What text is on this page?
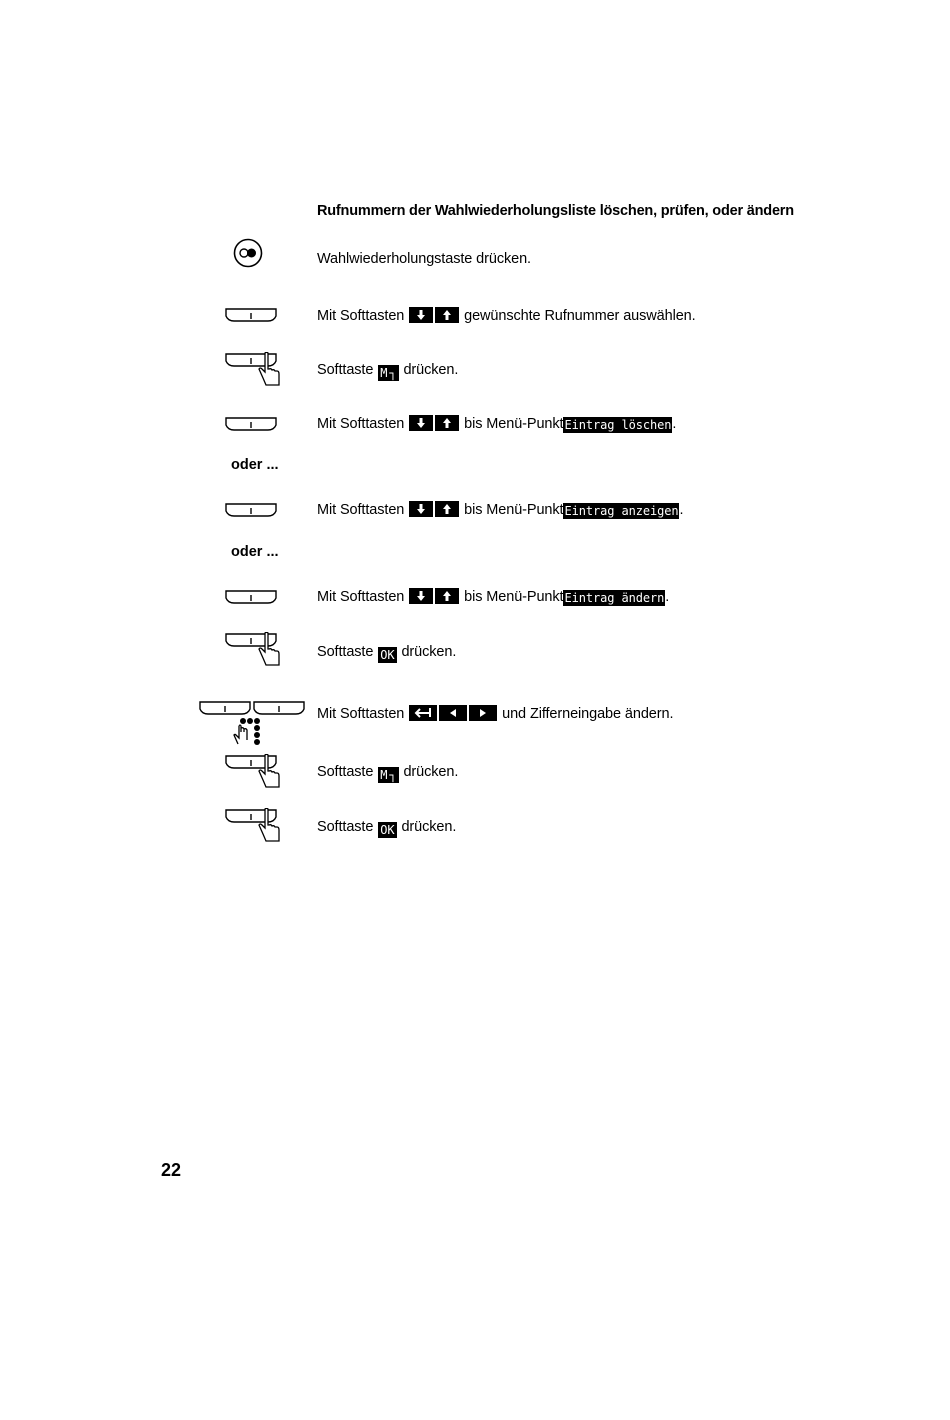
Rufnummern der Wahlwiederholungsliste löschen, prüfen, oder ändern
Wahlwiederholungstaste drücken.
Mit Softtasten	gewünschte Rufnummer auswählen.
Softtaste M ┐ drücken.
Mit Softtasten	bis Menü-PunktEintrag löschen.
oder ...
Mit Softtasten	bis Menü-PunktEintrag anzeigen.
oder ...
Mit Softtasten	bis Menü-PunktEintrag ändern.
Softtaste OK drücken.
Mit Softtasten	und Zifferneingabe ändern.
Softtaste M ┐ drücken.
Softtaste OK drücken.
22
